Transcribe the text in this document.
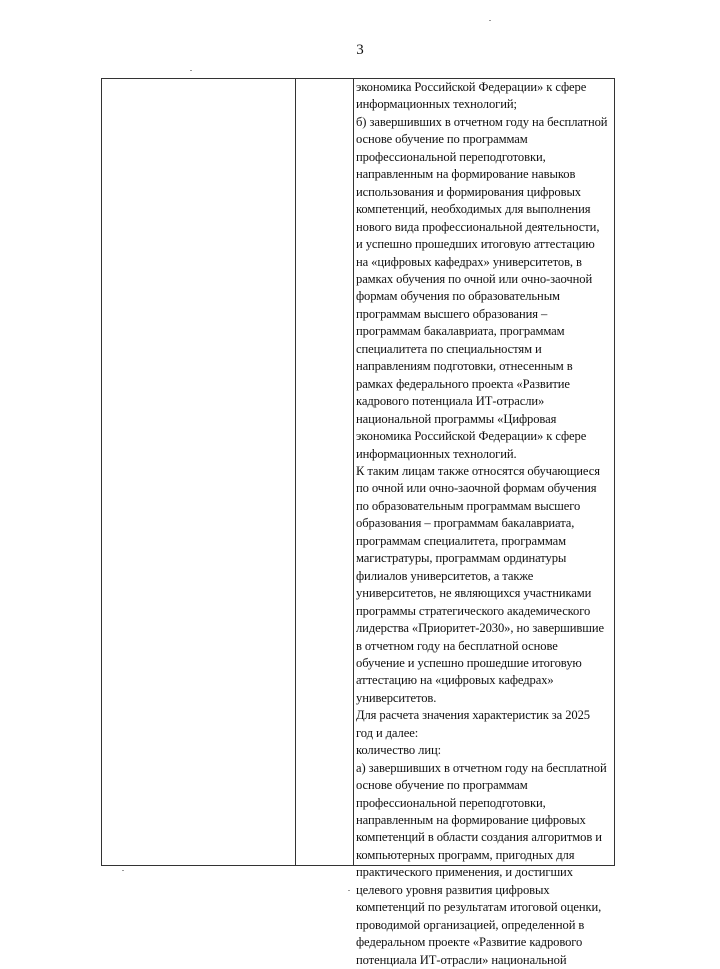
3
экономика Российской Федерации» к сфере
информационных технологий;
б) завершивших в отчетном году на бесплатной
основе обучение по программам
профессиональной переподготовки,
направленным на формирование навыков
использования и формирования цифровых
компетенций, необходимых для выполнения
нового вида профессиональной деятельности,
и успешно прошедших итоговую аттестацию
на «цифровых кафедрах» университетов, в
рамках обучения по очной или очно-заочной
формам обучения по образовательным
программам высшего образования –
программам бакалавриата, программам
специалитета по специальностям и
направлениям подготовки, отнесенным в
рамках федерального проекта «Развитие
кадрового потенциала ИТ-отрасли»
национальной программы «Цифровая
экономика Российской Федерации» к сфере
информационных технологий.
К таким лицам также относятся обучающиеся
по очной или очно-заочной формам обучения
по образовательным программам высшего
образования – программам бакалавриата,
программам специалитета, программам
магистратуры, программам ординатуры
филиалов университетов, а также
университетов, не являющихся участниками
программы стратегического академического
лидерства «Приоритет-2030», но завершившие
в отчетном году на бесплатной основе
обучение и успешно прошедшие итоговую
аттестацию на «цифровых кафедрах»
университетов.
Для расчета значения характеристик за 2025
год и далее:
количество лиц:
а) завершивших в отчетном году на бесплатной
основе обучение по программам
профессиональной переподготовки,
направленным на формирование цифровых
компетенций в области создания алгоритмов и
компьютерных программ, пригодных для
практического применения, и достигших
целевого уровня развития цифровых
компетенций по результатам итоговой оценки,
проводимой организацией, определенной в
федеральном проекте «Развитие кадрового
потенциала ИТ-отрасли» национальной
